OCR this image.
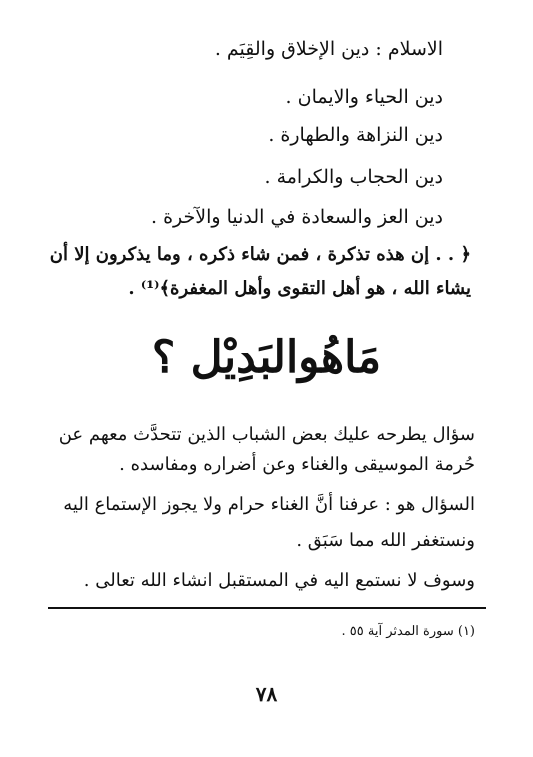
الاسلام : دين الإخلاق والقِيَم .
دين الحياء والايمان .
دين النزاهة والطهارة .
دين الحجاب والكرامة .
دين العز والسعادة في الدنيا والآخرة .
﴿ . . إن هذه تذكرة ، فمن شاء ذكره ، وما يذكرون إلا أن
يشاء الله ، هو أهل التقوى وأهل المغفرة﴾⁽¹⁾ .
مَاهُوالبَدِيْل ؟
سؤال يطرحه عليك بعض الشباب الذين تتحدَّث معهم عن
حُرمة الموسيقى والغناء وعن أضراره ومفاسده .
السؤال هو : عرفنا أنَّ الغناء حرام ولا يجوز الإستماع اليه
ونستغفر الله مما سَبَق .
وسوف لا نستمع اليه في المستقبل انشاء الله تعالى .
(١) سورة المدثر آية ٥٥ .
٧٨
